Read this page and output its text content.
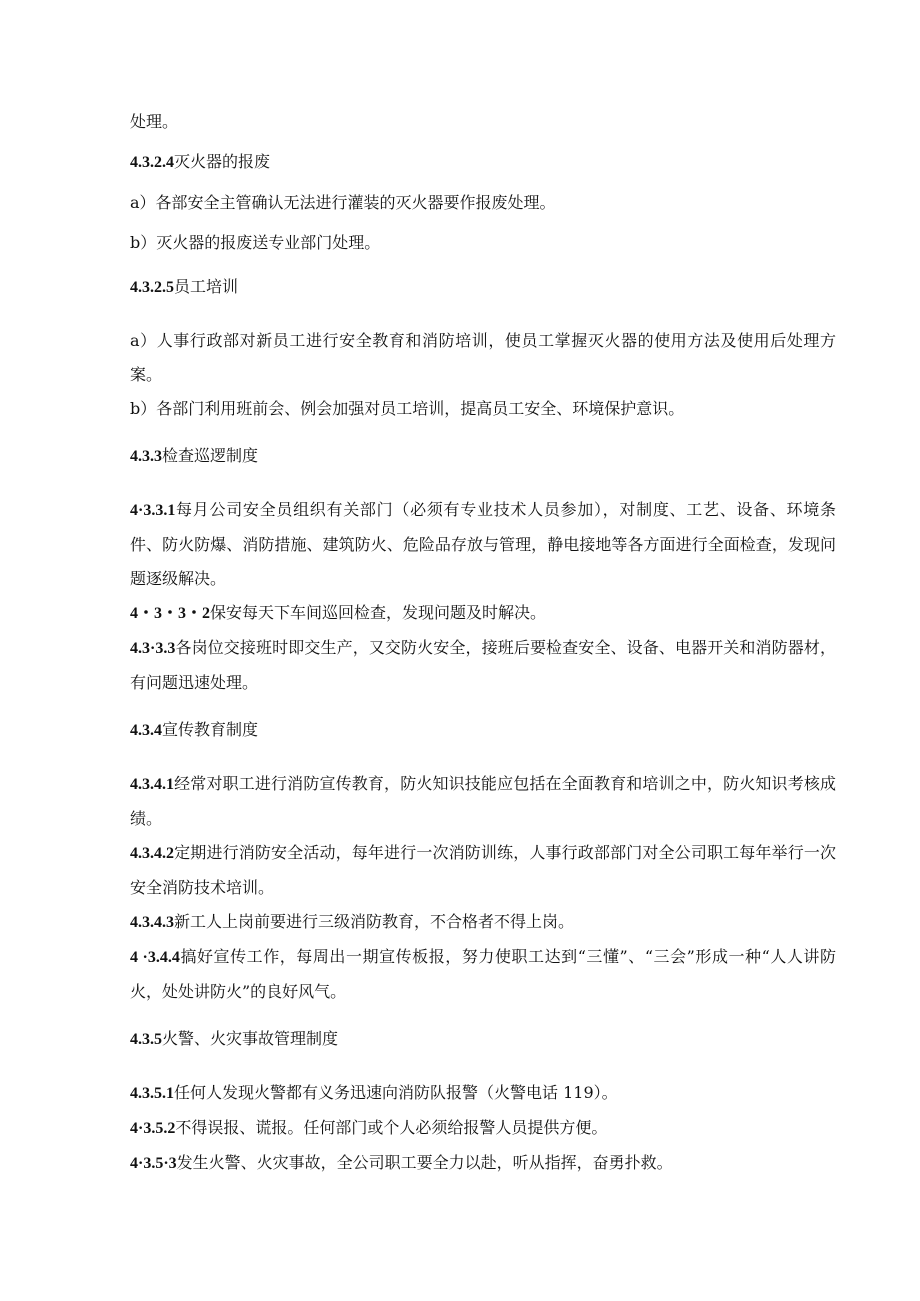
处理。

4.3.2.4灭火器的报废

a）各部安全主管确认无法进行灌装的灭火器要作报废处理。

b）灭火器的报废送专业部门处理。

4.3.2.5员工培训

a）人事行政部对新员工进行安全教育和消防培训，使员工掌握灭火器的使用方法及使用后处理方案。

b）各部门利用班前会、例会加强对员工培训，提高员工安全、环境保护意识。

4.3.3检查巡逻制度

4·3.3.1每月公司安全员组织有关部门（必须有专业技术人员参加），对制度、工艺、设备、环境条件、防火防爆、消防措施、建筑防火、危险品存放与管理，静电接地等各方面进行全面检查，发现问题逐级解决。

4・3・3・2保安每天下车间巡回检查，发现问题及时解决。

4.3·3.3各岗位交接班时即交生产，又交防火安全，接班后要检查安全、设备、电器开关和消防器材，有问题迅速处理。

4.3.4宣传教育制度

4.3.4.1经常对职工进行消防宣传教育，防火知识技能应包括在全面教育和培训之中，防火知识考核成绩。

4.3.4.2定期进行消防安全活动，每年进行一次消防训练，人事行政部部门对全公司职工每年举行一次安全消防技术培训。

4.3.4.3新工人上岗前要进行三级消防教育，不合格者不得上岗。

4 ·3.4.4搞好宣传工作，每周出一期宣传板报，努力使职工达到“三懂”、“三会”形成一种“人人讲防火，处处讲防火”的良好风气。

4.3.5火警、火灾事故管理制度

4.3.5.1任何人发现火警都有义务迅速向消防队报警（火警电话 119）。

4·3.5.2不得误报、谎报。任何部门或个人必须给报警人员提供方便。

4·3.5·3发生火警、火灾事故，全公司职工要全力以赴，听从指挥，奋勇扑救。
